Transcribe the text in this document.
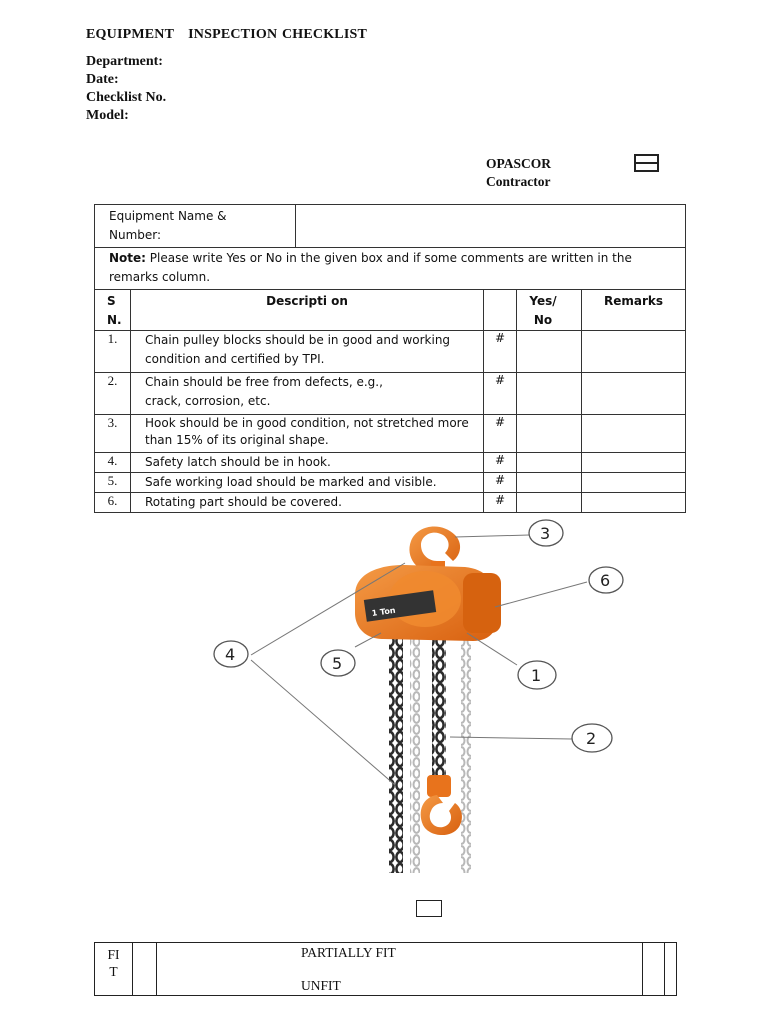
EQUIPMENT INSPECTION CHECKLIST
Department:
Date:
Checklist No.
Model:
OPASCOR
Contractor
Equipment Name & Number:					
Note: Please write Yes or No in the given box and if some comments are written in the remarks column.					
S N.	Descripti on			Yes/ No	Remarks
1.	Chain pulley blocks should be in good and working condition and certified by TPI.		#		
2.	Chain should be free from defects, e.g., crack, corrosion, etc.		#		
3.	Hook should be in good condition, not stretched more than 15% of its original shape.		#		
4.	Safety latch should be in hook.		#		
5.	Safe working load should be marked and visible.		#		
6.	Rotating part should be covered.		#		
1 Ton
3
6
4	5
1
2
FIT		
PARTIALLY FIT
UNFIT
